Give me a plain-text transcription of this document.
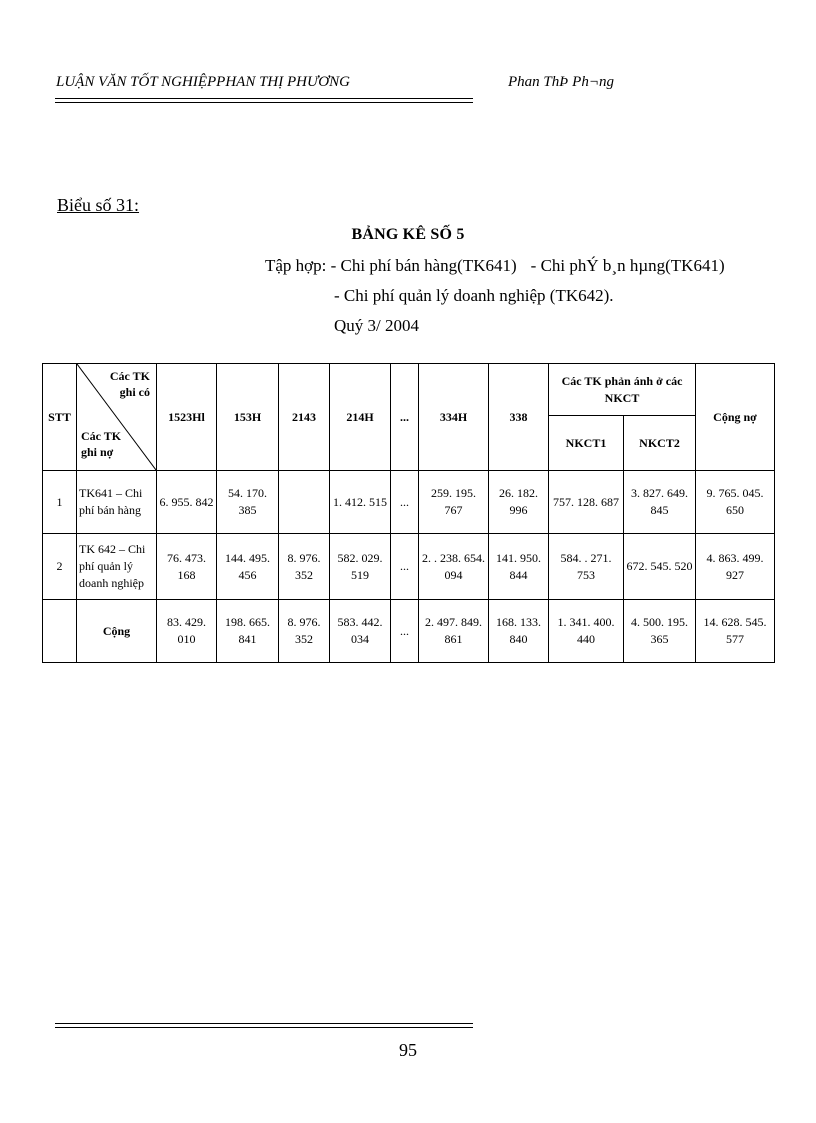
LUẬN VĂN TỐT NGHIỆPPHAN THỊ PHƯƠNG	Phan ThÞ Ph¬ng
Biểu số 31:
BẢNG KÊ SỐ 5
Tập hợp: - Chi phí bán hàng(TK641) - Chi phÝ b¸n hµng(TK641)
- Chi phí quản lý doanh nghiệp (TK642).
Quý 3/ 2004
STT	Các TK
ghi có
Các TK
ghi nợ	1523Hl	153H	2143	214H	...	334H	338	Các TK phản ánh ở các NKCT		Cộng nợ
									NKCT1	NKCT2	
1	TK641 – Chi phí bán hàng	6. 955. 842	54. 170. 385		1. 412. 515	...	259. 195. 767	26. 182. 996	757. 128. 687	3. 827. 649. 845	9. 765. 045. 650
2	TK 642 – Chi phí quản lý doanh nghiệp	76. 473. 168	144. 495. 456	8. 976. 352	582. 029. 519	...	2. . 238. 654. 094	141. 950. 844	584. . 271. 753	672. 545. 520	4. 863. 499. 927
	Cộng	83. 429. 010	198. 665. 841	8. 976. 352	583. 442. 034	...	2. 497. 849. 861	168. 133. 840	1. 341. 400. 440	4. 500. 195. 365	14. 628. 545. 577
95
